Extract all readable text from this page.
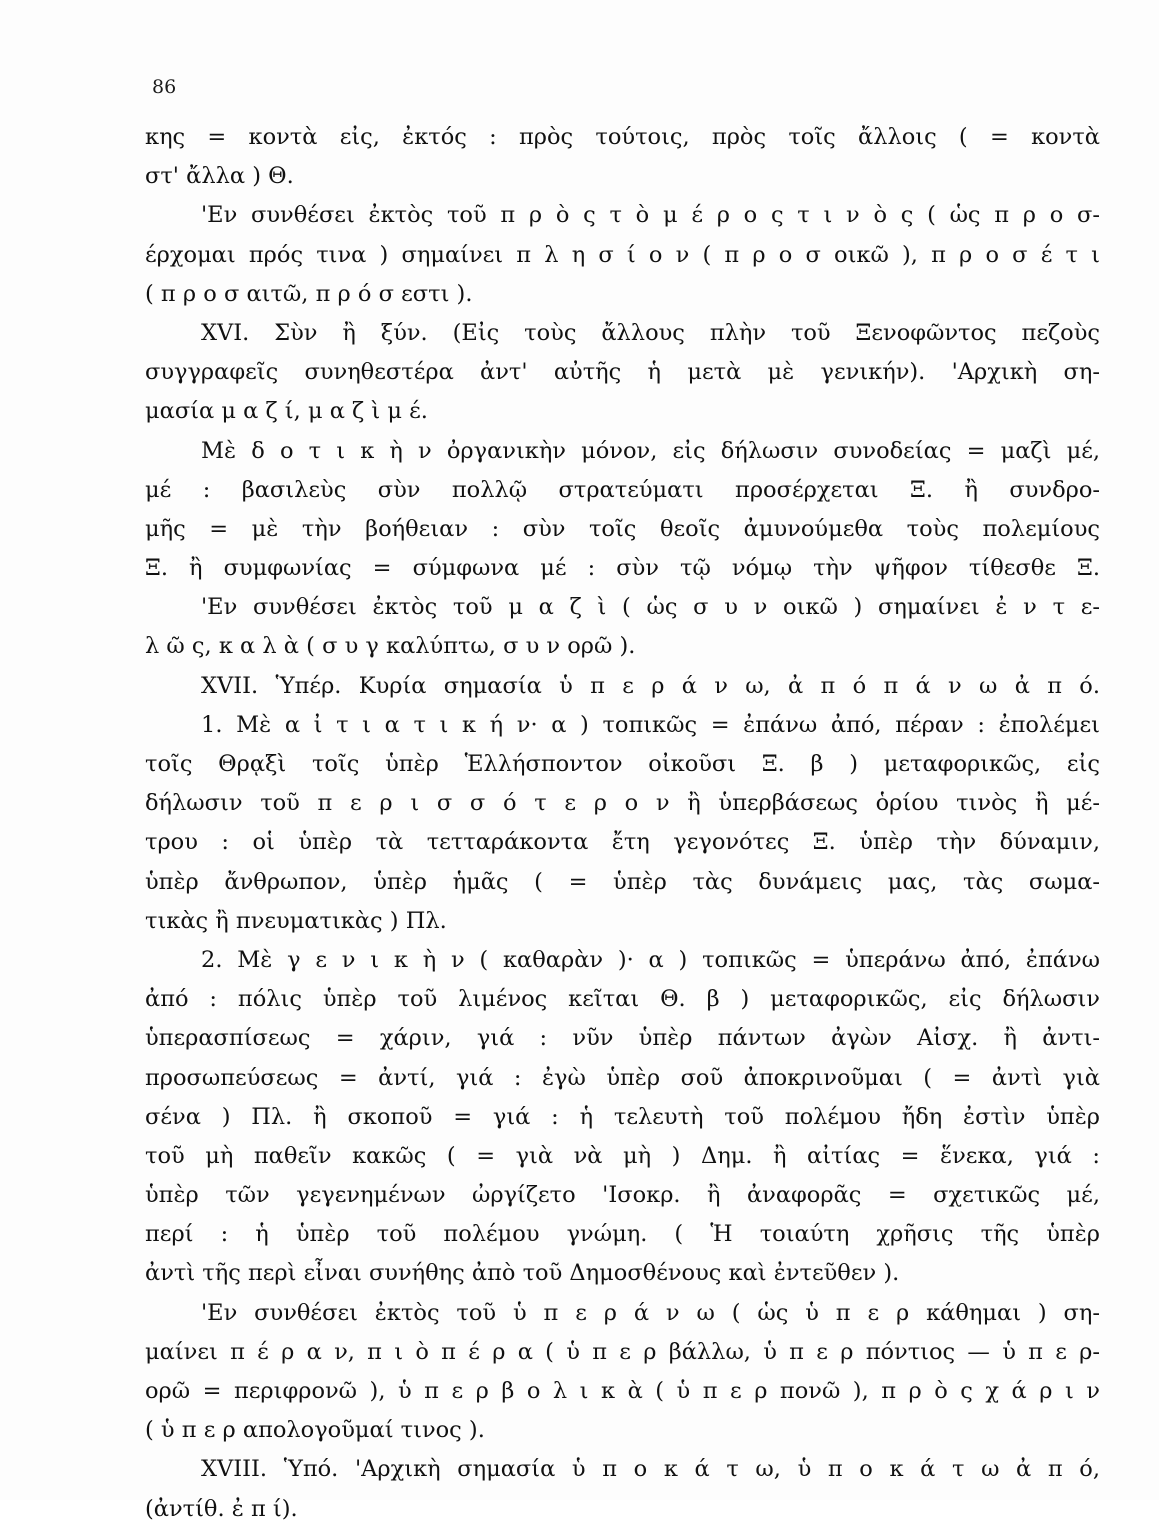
86
κης = κοντὰ εἰς, ἐκτός : πρὸς τούτοις, πρὸς τοῖς ἄλλοις ( = κοντὰ
στ' ἄλλα ) Θ.
'Εν συνθέσει ἐκτὸς τοῦ π ρ ὸ ς τ ὸ μ έ ρ ο ς τ ι ν ὸ ς ( ὡς π ρ ο σ-
έρχομαι πρός τινα ) σημαίνει π λ η σ ί ο ν ( π ρ ο σ οικῶ ), π ρ ο σ έ τ ι
( π ρ ο σ αιτῶ, π ρ ό σ εστι ).
XVI. Σὺν ἢ ξύν. (Εἰς τοὺς ἄλλους πλὴν τοῦ Ξενοφῶντος πεζοὺς
συγγραφεῖς συνηθεστέρα ἀντ' αὐτῆς ἡ μετὰ μὲ γενικήν). 'Αρχικὴ ση-
μασία μ α ζ ί, μ α ζ ὶ μ έ.
Μὲ δ ο τ ι κ ὴ ν ὀργανικὴν μόνον, εἰς δήλωσιν συνοδείας = μαζὶ μέ,
μέ : βασιλεὺς σὺν πολλῷ στρατεύματι προσέρχεται Ξ. ἢ συνδρο-
μῆς = μὲ τὴν βοήθειαν : σὺν τοῖς θεοῖς ἀμυνούμεθα τοὺς πολεμίους
Ξ. ἢ συμφωνίας = σύμφωνα μέ : σὺν τῷ νόμῳ τὴν ψῆφον τίθεσθε Ξ.
'Εν συνθέσει ἐκτὸς τοῦ μ α ζ ὶ ( ὡς σ υ ν οικῶ ) σημαίνει ἐ ν τ ε-
λ ῶ ς, κ α λ ὰ ( σ υ γ καλύπτω, σ υ ν ορῶ ).
XVII. Ὑπέρ. Κυρία σημασία ὑ π ε ρ ά ν ω, ἀ π ό π ά ν ω ἀ π ό.
1. Μὲ α ἰ τ ι α τ ι κ ή ν· α ) τοπικῶς = ἐπάνω ἀπό, πέραν : ἐπολέμει
τοῖς Θρᾳξὶ τοῖς ὑπὲρ Ἑλλήσποντον οἰκοῦσι Ξ. β ) μεταφορικῶς, εἰς
δήλωσιν τοῦ π ε ρ ι σ σ ό τ ε ρ ο ν ἢ ὑπερβάσεως ὁρίου τινὸς ἢ μέ-
τρου : οἱ ὑπὲρ τὰ τετταράκοντα ἔτη γεγονότες Ξ. ὑπὲρ τὴν δύναμιν,
ὑπὲρ ἄνθρωπον, ὑπὲρ ἡμᾶς ( = ὑπὲρ τὰς δυνάμεις μας, τὰς σωμα-
τικὰς ἢ πνευματικὰς ) Πλ.
2. Μὲ γ ε ν ι κ ὴ ν ( καθαρὰν )· α ) τοπικῶς = ὑπεράνω ἀπό, ἐπάνω
ἀπό : πόλις ὑπὲρ τοῦ λιμένος κεῖται Θ. β ) μεταφορικῶς, εἰς δήλωσιν
ὑπερασπίσεως = χάριν, γιά : νῦν ὑπὲρ πάντων ἀγὼν Αἰσχ. ἢ ἀντι-
προσωπεύσεως = ἀντί, γιά : ἐγὼ ὑπὲρ σοῦ ἀποκρινοῦμαι ( = ἀντὶ γιὰ
σένα ) Πλ. ἢ σκοποῦ = γιά : ἡ τελευτὴ τοῦ πολέμου ἤδη ἐστὶν ὑπὲρ
τοῦ μὴ παθεῖν κακῶς ( = γιὰ νὰ μὴ ) Δημ. ἢ αἰτίας = ἕνεκα, γιά :
ὑπὲρ τῶν γεγενημένων ὠργίζετο 'Ισοκρ. ἢ ἀναφορᾶς = σχετικῶς μέ,
περί : ἡ ὑπὲρ τοῦ πολέμου γνώμη. ( Ἡ τοιαύτη χρῆσις τῆς ὑπὲρ
ἀντὶ τῆς περὶ εἶναι συνήθης ἀπὸ τοῦ Δημοσθένους καὶ ἐντεῦθεν ).
'Εν συνθέσει ἐκτὸς τοῦ ὑ π ε ρ ά ν ω ( ὡς ὑ π ε ρ κάθημαι ) ση-
μαίνει π έ ρ α ν, π ι ὸ π έ ρ α ( ὑ π ε ρ βάλλω, ὑ π ε ρ πόντιος — ὑ π ε ρ-
ορῶ = περιφρονῶ ), ὑ π ε ρ β ο λ ι κ ὰ ( ὑ π ε ρ πονῶ ), π ρ ὸ ς χ ά ρ ι ν
( ὑ π ε ρ απολογοῦμαί τινος ).
XVIII. Ὑπό. 'Αρχικὴ σημασία ὑ π ο κ ά τ ω, ὑ π ο κ ά τ ω ἀ π ό,
(ἀντίθ. ἐ π ί).
